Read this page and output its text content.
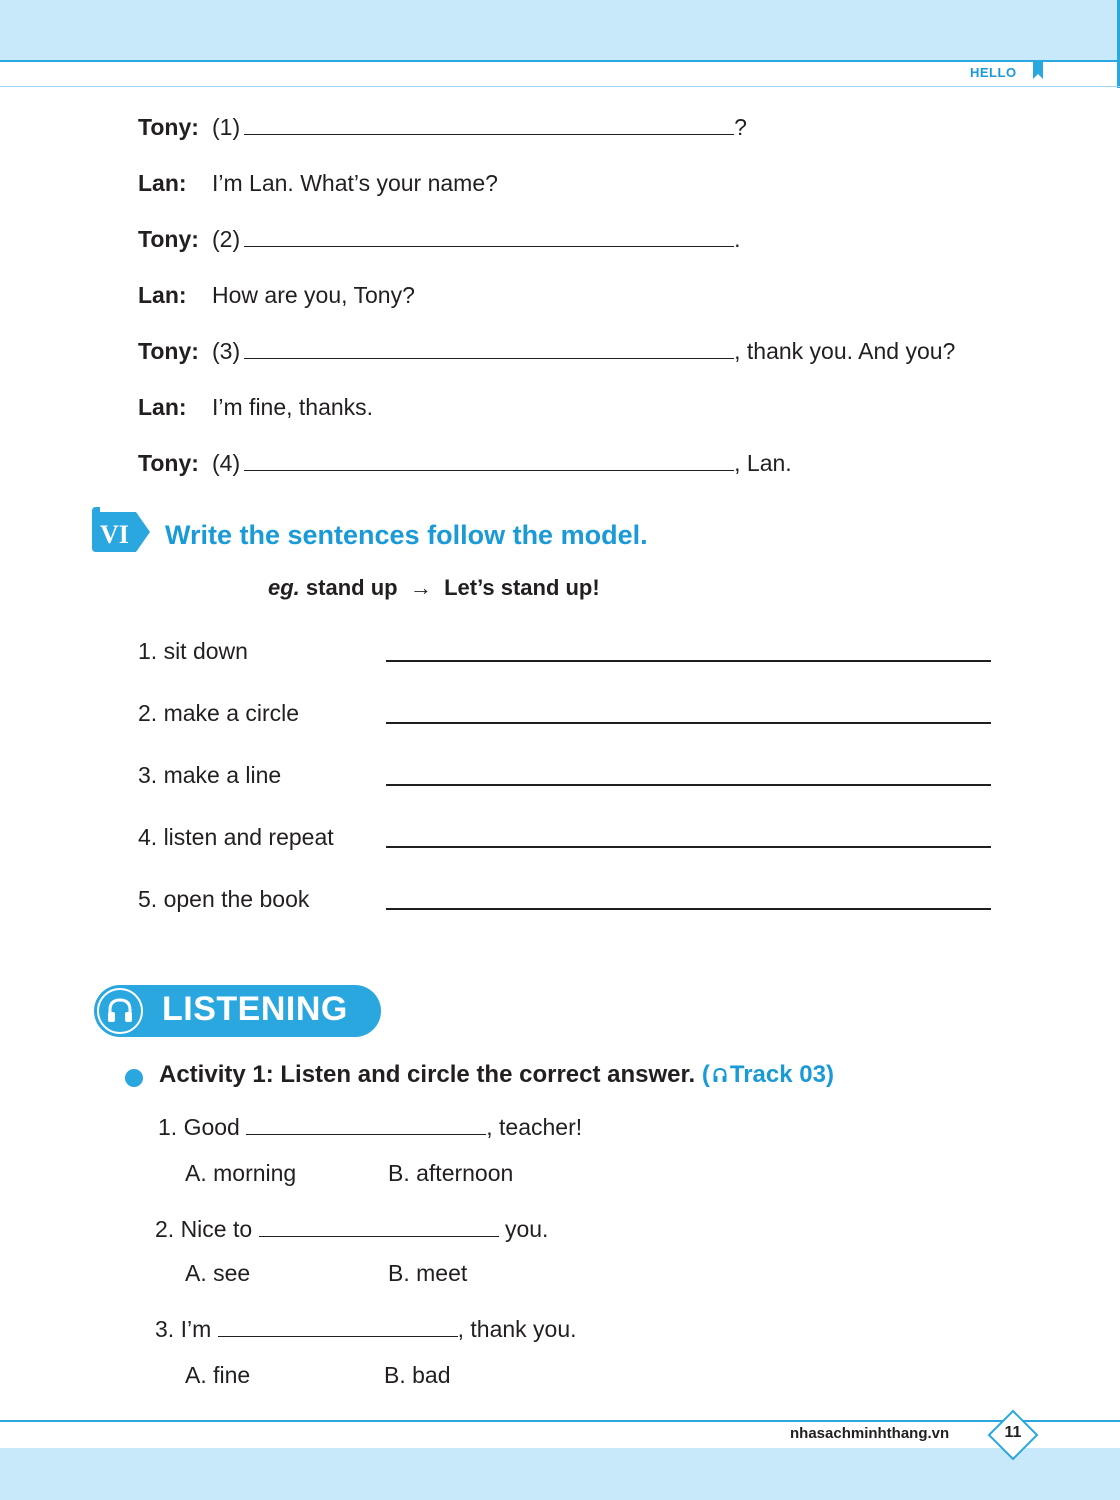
HELLO
Tony: (1)	?
Lan: I’m Lan. What’s your name?
Tony: (2)	.
Lan: How are you, Tony?
Tony: (3)	, thank you. And you?
Lan: I’m fine, thanks.
Tony: (4)	, Lan.
VI Write the sentences follow the model.
eg. stand up → Let’s stand up!
1. sit down
2. make a circle
3. make a line
4. listen and repeat
5. open the book
LISTENING
Activity 1: Listen and circle the correct answer. ( Track 03)
1. Good	, teacher!
A. morning	B. afternoon
2. Nice to	you.
A. see	B. meet
3. I’m	, thank you.
A. fine	B. bad
nhasachminhthang.vn	11
